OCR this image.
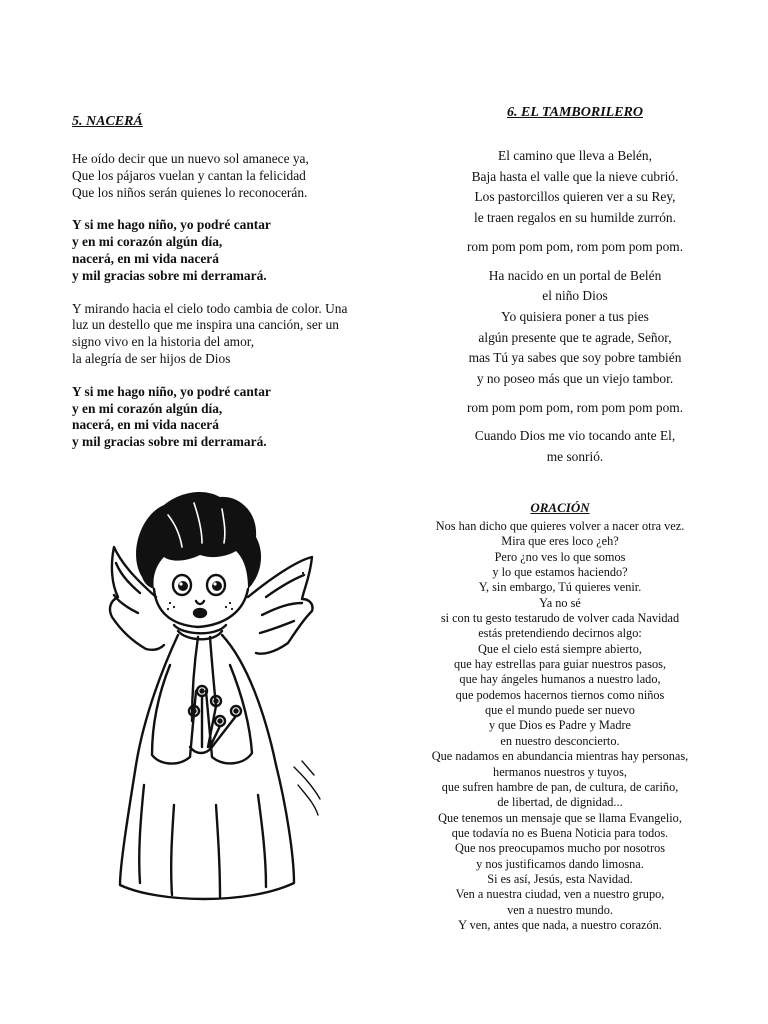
5. NACERÁ

He oído decir que un nuevo sol amanece ya,
Que los pájaros vuelan y cantan la felicidad
Que los niños serán quienes lo reconocerán.

Y si me hago niño, yo podré cantar
y en mi corazón algún día,
nacerá, en mi vida nacerá
y mil gracias sobre mi derramará.

Y mirando hacia el cielo todo cambia de color. Una
luz un destello que me inspira una canción, ser un
signo vivo en la historia del amor,
la alegría de ser hijos de Dios

Y si me hago niño, yo podré cantar
y en mi corazón algún día,
nacerá, en mi vida nacerá
y mil gracias sobre mi derramará.

6. EL TAMBORILERO

El camino que lleva a Belén,
Baja hasta el valle que la nieve cubrió.
Los pastorcillos quieren ver a su Rey,
le traen regalos en su humilde zurrón.

rom pom pom pom, rom pom pom pom.

Ha nacido en un portal de Belén
el niño Dios
Yo quisiera poner a tus pies
algún presente que te agrade, Señor,
mas Tú ya sabes que soy pobre también
y no poseo más que un viejo tambor.

rom pom pom pom, rom pom pom pom.

Cuando Dios me vio tocando ante El,
me sonrió.

ORACIÓN
Nos han dicho que quieres volver a nacer otra vez.
Mira que eres loco ¿eh?
Pero ¿no ves lo que somos
y lo que estamos haciendo?
Y, sin embargo, Tú quieres venir.
Ya no sé
si con tu gesto testarudo de volver cada Navidad
estás pretendiendo decirnos algo:
Que el cielo está siempre abierto,
que hay estrellas para guiar nuestros pasos,
que hay ángeles humanos a nuestro lado,
que podemos hacernos tiernos como niños
que el mundo puede ser nuevo
y que Dios es Padre y Madre
en nuestro desconcierto.
Que nadamos en abundancia mientras hay personas,
hermanos nuestros y tuyos,
que sufren hambre de pan, de cultura, de cariño,
de libertad, de dignidad...
Que tenemos un mensaje que se llama Evangelio,
que todavía no es Buena Noticia para todos.
Que nos preocupamos mucho por nosotros
y nos justificamos dando limosna.
Si es así, Jesús, esta Navidad.
Ven a nuestra ciudad, ven a nuestro grupo,
ven a nuestro mundo.
Y ven, antes que nada, a nuestro corazón.
